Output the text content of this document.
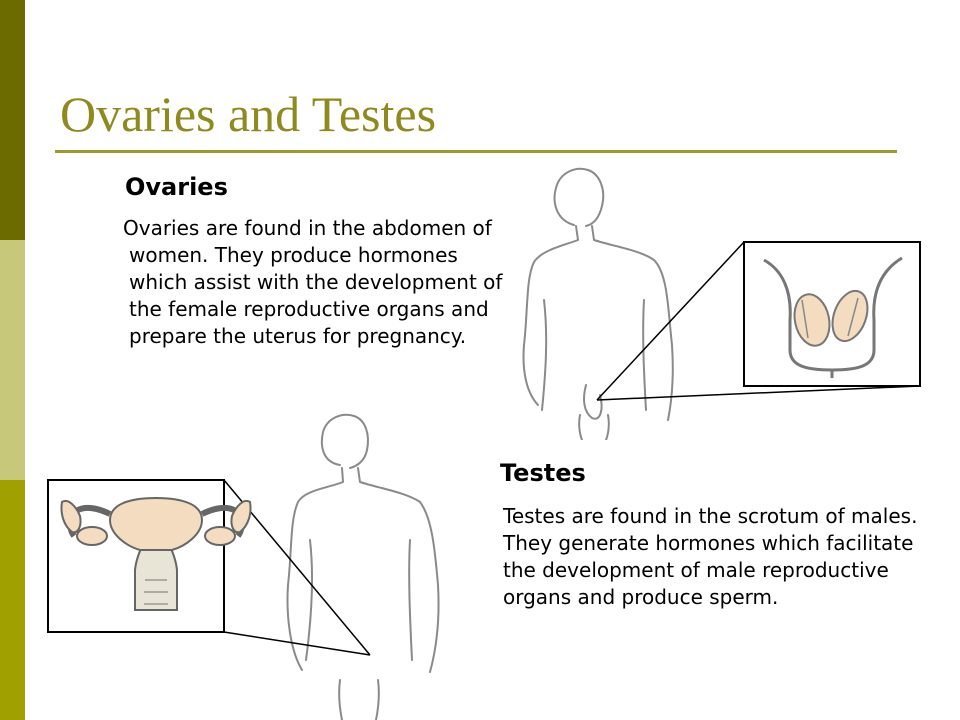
Ovaries and Testes
Ovaries

Ovaries are found in the abdomen of women. They produce hormones which assist with the development of the female reproductive organs and prepare the uterus for pregnancy.

Testes

Testes are found in the scrotum of males. They generate hormones which facilitate the development of male reproductive organs and produce sperm.
